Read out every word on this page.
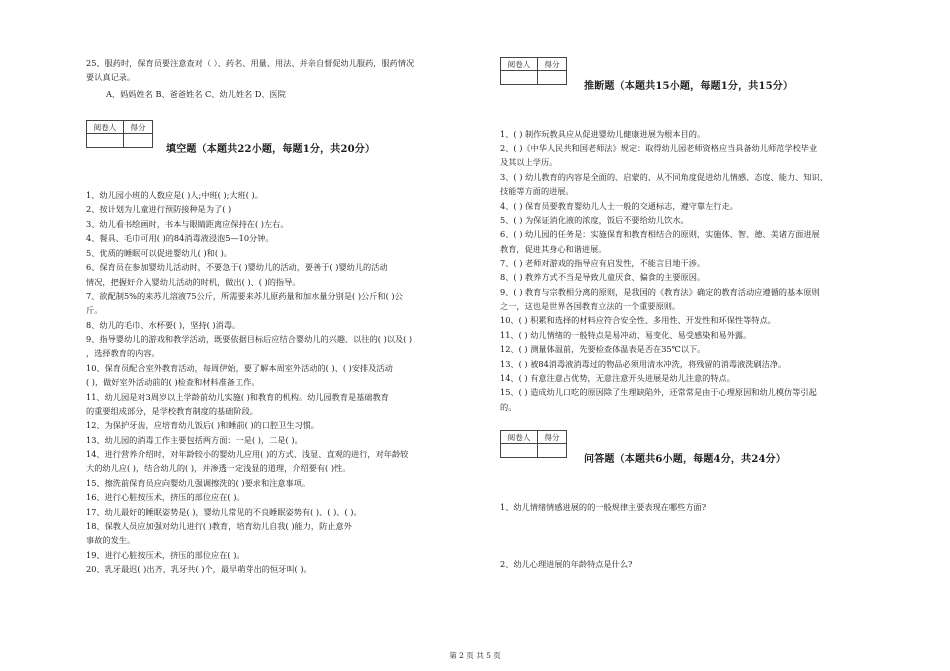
25、服药时，保育员要注意查对（ ）、药名、用量、用法、并亲自督促幼儿服药，服药情况
要认真记录。
A、妈妈姓名 B、爸爸姓名 C、幼儿姓名 D、医院
阅卷人	得分

填空题（本题共22小题，每题1分，共20分）
1、幼儿园小班的人数应是( )人;中班( );大班( )。
2、按计划为儿童进行预防接种是为了( )
3、幼儿看书绘画时，书本与眼睛距离应保持在( )左右。
4、餐具、毛巾可用( )的84消毒液浸泡5—10分钟。
5、优质的睡眠可以促进婴幼儿( )和( )。
6、保育员在参加婴幼儿活动时，不要急于( )婴幼儿的活动，要善于( )婴幼儿的活动
情况，把握好介入婴幼儿活动的时机，做出( )、( )的指导。
7、欲配制5%的来苏儿溶液75公斤，所需要来苏儿原药量和加水量分别是( )公斤和( )公
斤。
8、幼儿的毛巾、水杯要( )，坚持( )消毒。
9、指导婴幼儿的游戏和教学活动，既要依据目标后应结合婴幼儿的兴趣、以往的( )以及( )
，选择教育的内容。
10、保育员配合室外教育活动，每周伊始，要了解本周室外活动的( )、( )安排及活动
( )，做好室外活动前的( )检查和材料准备工作。
11、幼儿园是对3周岁以上学龄前幼儿实施( )和教育的机构。幼儿园教育是基础教育
的重要组成部分，是学校教育制度的基础阶段。
12、为保护牙齿，应培育幼儿饭后( )和睡前( )的口腔卫生习惯。
13、幼儿园的消毒工作主要包括两方面：一是( )，二是( )。
14、进行营养介绍时，对年龄较小的婴幼儿应用( )的方式、浅显、直观的进行，对年龄较
大的幼儿应( )，结合幼儿的( )，并渗透一定浅显的道理，介绍要有( )性。
15、擦洗前保育员应向婴幼儿强调擦洗的( )要求和注意事项。
16、进行心脏按压术，挤压的部位应在( )。
17、幼儿最好的睡眠姿势是( )，婴幼儿常见的不良睡眠姿势有( )、( )、( )。
18、保教人员应加强对幼儿进行( )教育，培育幼儿自我( )能力，防止意外
事故的发生。
19、进行心脏按压术，挤压的部位应在( )。
20、乳牙最迟( )出齐，乳牙共( )个，最早萌芽出的恒牙叫( )。
阅卷人	得分

推断题（本题共15小题，每题1分，共15分）
1、( ) 制作玩教具应从促进婴幼儿健康进展为根本目的。
2、( )《中华人民共和国老师法》规定：取得幼儿园老师资格应当具备幼儿师范学校毕业
及其以上学历。
3、( ) 幼儿教育的内容是全面的、启蒙的、从不同角度促进幼儿情感、态度、能力、知识、
技能等方面的进展。
4、( ) 保育员要教育婴幼儿人士一般的交通标志，遵守靠左行走。
5、( ) 为保证消化液的浓度，饭后不要给幼儿饮水。
6、( ) 幼儿园的任务是：实施保育和教育相结合的原则，实施体、智、德、美诸方面进展
教育，促进其身心和谐进展。
7、( ) 老师对游戏的指导应有启发性，不能言目地干涉。
8、( ) 教养方式不当是导致儿童厌食、偏食的主要原因。
9、( ) 教育与宗教相分离的原则，是我国的《教育法》确定的教育活动应遵循的基本原则
之一，这也是世界各国教育立法的一个重要原则。
10、( ) 积累和选择的材料应符合安全性、多用性、开发性和环保性等特点。
11、( ) 幼儿情绪的一般特点是易冲动、易变化、易受感染和易外露。
12、( ) 测量体温前，先要检查体温表是否在35℃以下。
13、( ) 被84消毒液消毒过的物品必须用清水冲洗，将残留的消毒液洗刷洁净。
14、( ) 有意注意占优势，无意注意开头进展是幼儿注意的特点。
15、( ) 造成幼儿口吃的原因除了生理缺陷外，还常常是由于心理原因和幼儿模仿等引起
的。
阅卷人	得分

问答题（本题共6小题，每题4分，共24分）
1、幼儿情绪情感进展的的一般规律主要表现在哪些方面?
2、幼儿心理进展的年龄特点是什么?
第 2 页 共 5 页
